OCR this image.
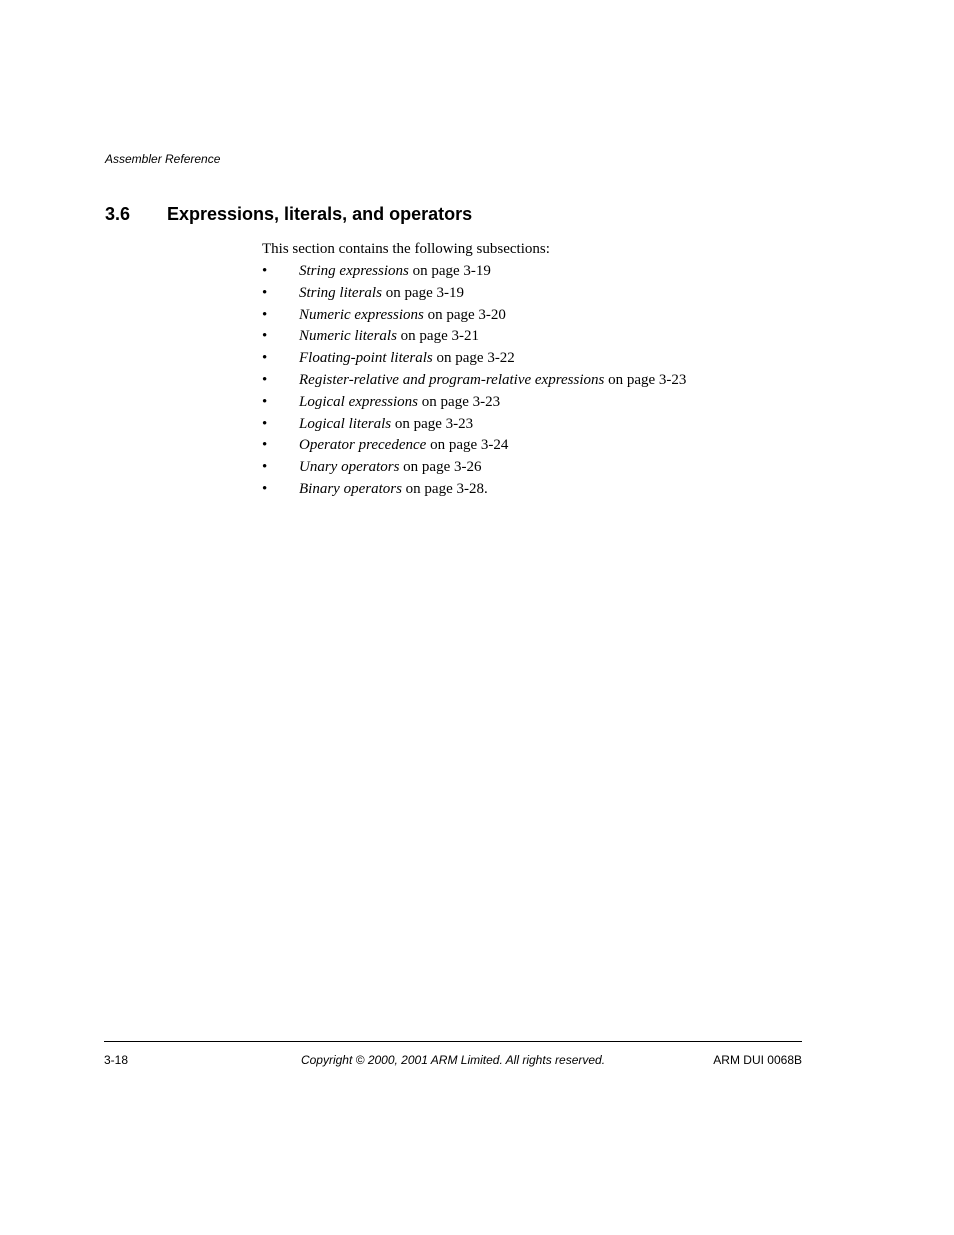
Assembler Reference
3.6 Expressions, literals, and operators
This section contains the following subsections:
• String expressions on page 3-19
• String literals on page 3-19
• Numeric expressions on page 3-20
• Numeric literals on page 3-21
• Floating-point literals on page 3-22
• Register-relative and program-relative expressions on page 3-23
• Logical expressions on page 3-23
• Logical literals on page 3-23
• Operator precedence on page 3-24
• Unary operators on page 3-26
• Binary operators on page 3-28.
3-18	Copyright © 2000, 2001 ARM Limited. All rights reserved.	ARM DUI 0068B
